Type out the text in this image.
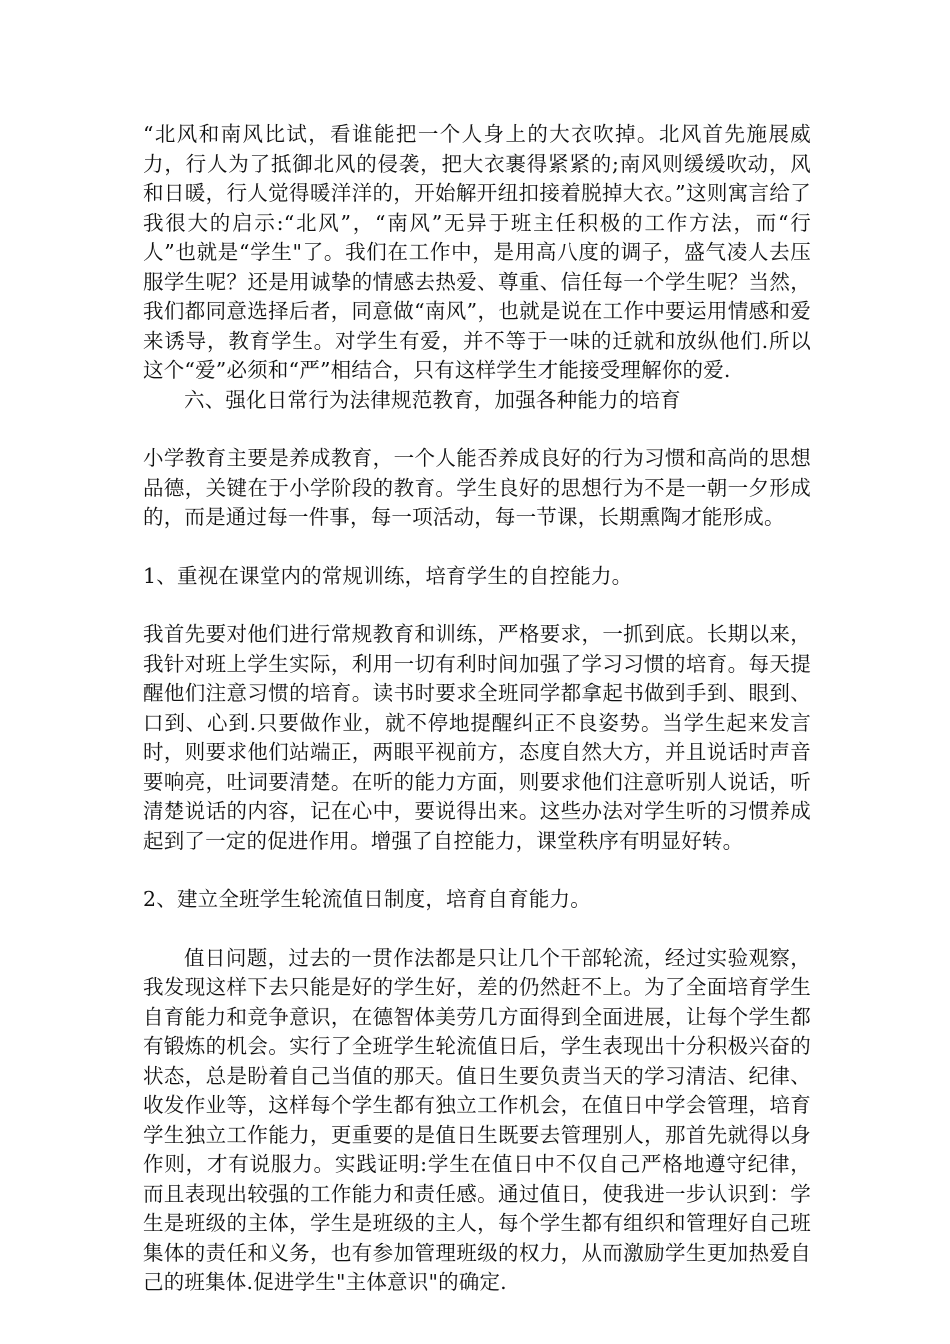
“北风和南风比试，看谁能把一个人身上的大衣吹掉。北风首先施展威力，行人为了抵御北风的侵袭，把大衣裹得紧紧的;南风则缓缓吹动，风和日暖，行人觉得暖洋洋的，开始解开纽扣接着脱掉大衣。”这则寓言给了我很大的启示:“北风”，“南风”无异于班主任积极的工作方法，而“行人”也就是“学生"了。我们在工作中，是用高八度的调子，盛气凌人去压服学生呢？还是用诚挚的情感去热爱、尊重、信任每一个学生呢？当然，我们都同意选择后者，同意做“南风”，也就是说在工作中要运用情感和爱来诱导，教育学生。对学生有爱，并不等于一味的迁就和放纵他们.所以这个“爱”必须和“严”相结合，只有这样学生才能接受理解你的爱.

六、强化日常行为法律规范教育，加强各种能力的培育

小学教育主要是养成教育，一个人能否养成良好的行为习惯和高尚的思想品德，关键在于小学阶段的教育。学生良好的思想行为不是一朝一夕形成的，而是通过每一件事，每一项活动，每一节课，长期熏陶才能形成。

1、重视在课堂内的常规训练，培育学生的自控能力。

我首先要对他们进行常规教育和训练，严格要求，一抓到底。长期以来，我针对班上学生实际，利用一切有利时间加强了学习习惯的培育。每天提醒他们注意习惯的培育。读书时要求全班同学都拿起书做到手到、眼到、口到、心到.只要做作业，就不停地提醒纠正不良姿势。当学生起来发言时，则要求他们站端正，两眼平视前方，态度自然大方，并且说话时声音要响亮，吐词要清楚。在听的能力方面，则要求他们注意听别人说话，听清楚说话的内容，记在心中，要说得出来。这些办法对学生听的习惯养成起到了一定的促进作用。增强了自控能力，课堂秩序有明显好转。

2、建立全班学生轮流值日制度，培育自育能力。

值日问题，过去的一贯作法都是只让几个干部轮流，经过实验观察，我发现这样下去只能是好的学生好，差的仍然赶不上。为了全面培育学生自育能力和竞争意识，在德智体美劳几方面得到全面进展，让每个学生都有锻炼的机会。实行了全班学生轮流值日后，学生表现出十分积极兴奋的状态，总是盼着自己当值的那天。值日生要负责当天的学习清洁、纪律、收发作业等，这样每个学生都有独立工作机会，在值日中学会管理，培育学生独立工作能力，更重要的是值日生既要去管理别人，那首先就得以身作则，才有说服力。实践证明:学生在值日中不仅自己严格地遵守纪律，而且表现出较强的工作能力和责任感。通过值日，使我进一步认识到：学生是班级的主体，学生是班级的主人，每个学生都有组织和管理好自己班集体的责任和义务，也有参加管理班级的权力，从而激励学生更加热爱自己的班集体.促进学生"主体意识"的确定.
